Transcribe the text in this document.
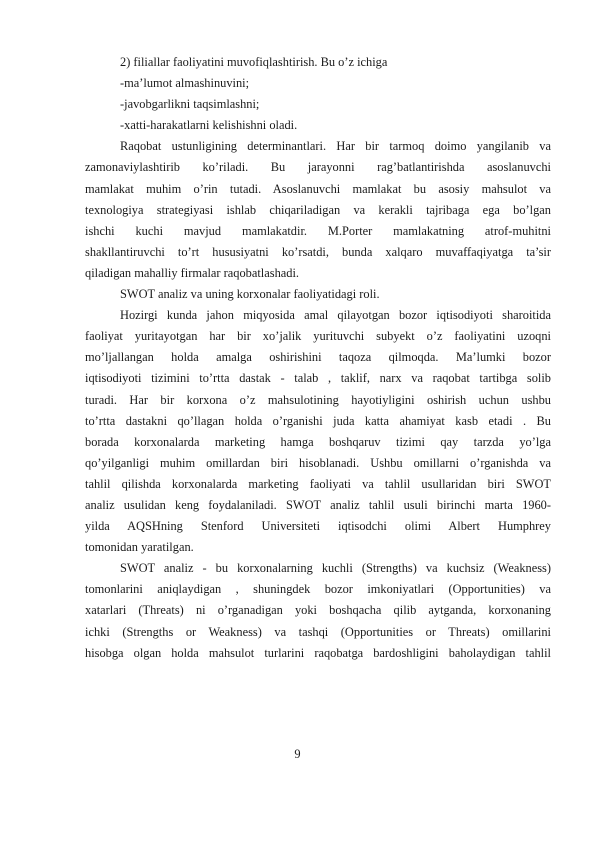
2) filiallar faoliyatini muvofiqlashtirish. Bu o’z ichiga
-ma’lumot almashinuvini;
-javobgarlikni taqsimlashni;
-xatti-harakatlarni kelishishni oladi.
Raqobat ustunligining determinantlari. Har bir tarmoq doimo yangilanib va
zamonaviylashtirib ko’riladi. Bu jarayonni rag’batlantirishda asoslanuvchi
mamlakat muhim o’rin tutadi. Asoslanuvchi mamlakat bu asosiy mahsulot va
texnologiya strategiyasi ishlab chiqariladigan va kerakli tajribaga ega bo’lgan
ishchi kuchi mavjud mamlakatdir. M.Porter mamlakatning atrof-muhitni
shakllantiruvchi to’rt hususiyatni ko’rsatdi, bunda xalqaro muvaffaqiyatga ta’sir
qiladigan mahalliy firmalar raqobatlashadi.
SWOT analiz va uning korxonalar faoliyatidagi roli.
Hozirgi kunda jahon miqyosida amal qilayotgan bozor iqtisodiyoti sharoitida
faoliyat yuritayotgan har bir xo’jalik yurituvchi subyekt o’z faoliyatini uzoqni
mo’ljallangan holda amalga oshirishini taqoza qilmoqda. Ma’lumki bozor
iqtisodiyoti tizimini to’rtta dastak - talab , taklif, narx va raqobat tartibga solib
turadi. Har bir korxona o’z mahsulotining hayotiyligini oshirish uchun ushbu
to’rtta dastakni qo’llagan holda o’rganishi juda katta ahamiyat kasb etadi . Bu
borada korxonalarda marketing hamga boshqaruv tizimi qay tarzda yo’lga
qo’yilganligi muhim omillardan biri hisoblanadi. Ushbu omillarni o’rganishda va
tahlil qilishda korxonalarda marketing faoliyati va tahlil usullaridan biri SWOT
analiz usulidan keng foydalaniladi. SWOT analiz tahlil usuli birinchi marta 1960-
yilda AQSHning Stenford Universiteti iqtisodchi olimi Albert Humphrey
tomonidan yaratilgan.
SWOT analiz - bu korxonalarning kuchli (Strengths) va kuchsiz (Weakness)
tomonlarini aniqlaydigan , shuningdek bozor imkoniyatlari (Opportunities) va
xatarlari (Threats) ni o’rganadigan yoki boshqacha qilib aytganda, korxonaning
ichki (Strengths or Weakness) va tashqi (Opportunities or Threats) omillarini
hisobga olgan holda mahsulot turlarini raqobatga bardoshligini baholaydigan tahlil
9
